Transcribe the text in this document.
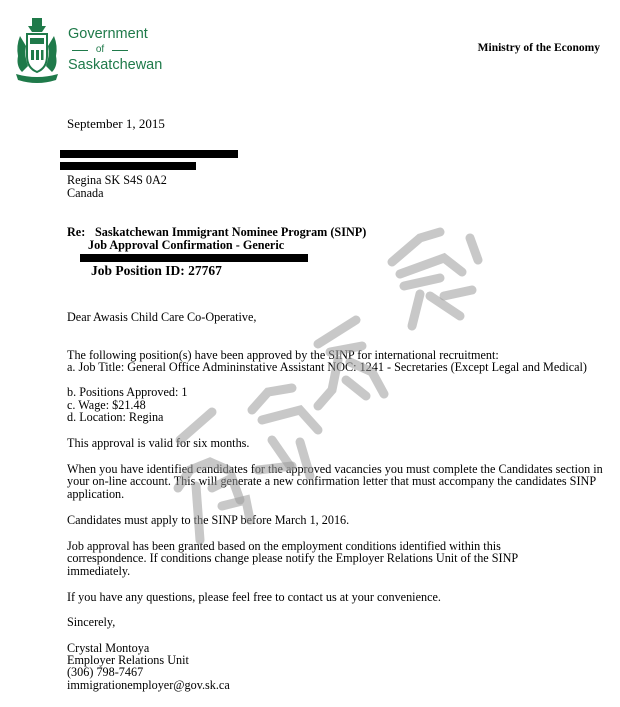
Government

of
Saskatchewan
Ministry of the Economy
September 1, 2015
Regina SK S4S 0A2
Canada
Re: Saskatchewan Immigrant Nominee Program (SINP)
Job Approval Confirmation - Generic
Job Position ID: 27767
Dear Awasis Child Care Co-Operative,
The following position(s) have been approved by the SINP for international recruitment:
a. Job Title: General Office Admininstative Assistant NOC: 1241 - Secretaries (Except Legal and Medical)
b. Positions Approved: 1
c. Wage: $21.48
d. Location: Regina
This approval is valid for six months.
When you have identified candidates for the approved vacancies you must complete the Candidates section in your on-line account. This will generate a new confirmation letter that must accompany the candidates SINP application.
Candidates must apply to the SINP before March 1, 2016.
Job approval has been granted based on the employment conditions identified within this correspondence. If conditions change please notify the Employer Relations Unit of the SINP immediately.
If you have any questions, please feel free to contact us at your convenience.
Sincerely,
Crystal Montoya
Employer Relations Unit
(306) 798-7467
immigrationemployer@gov.sk.ca
